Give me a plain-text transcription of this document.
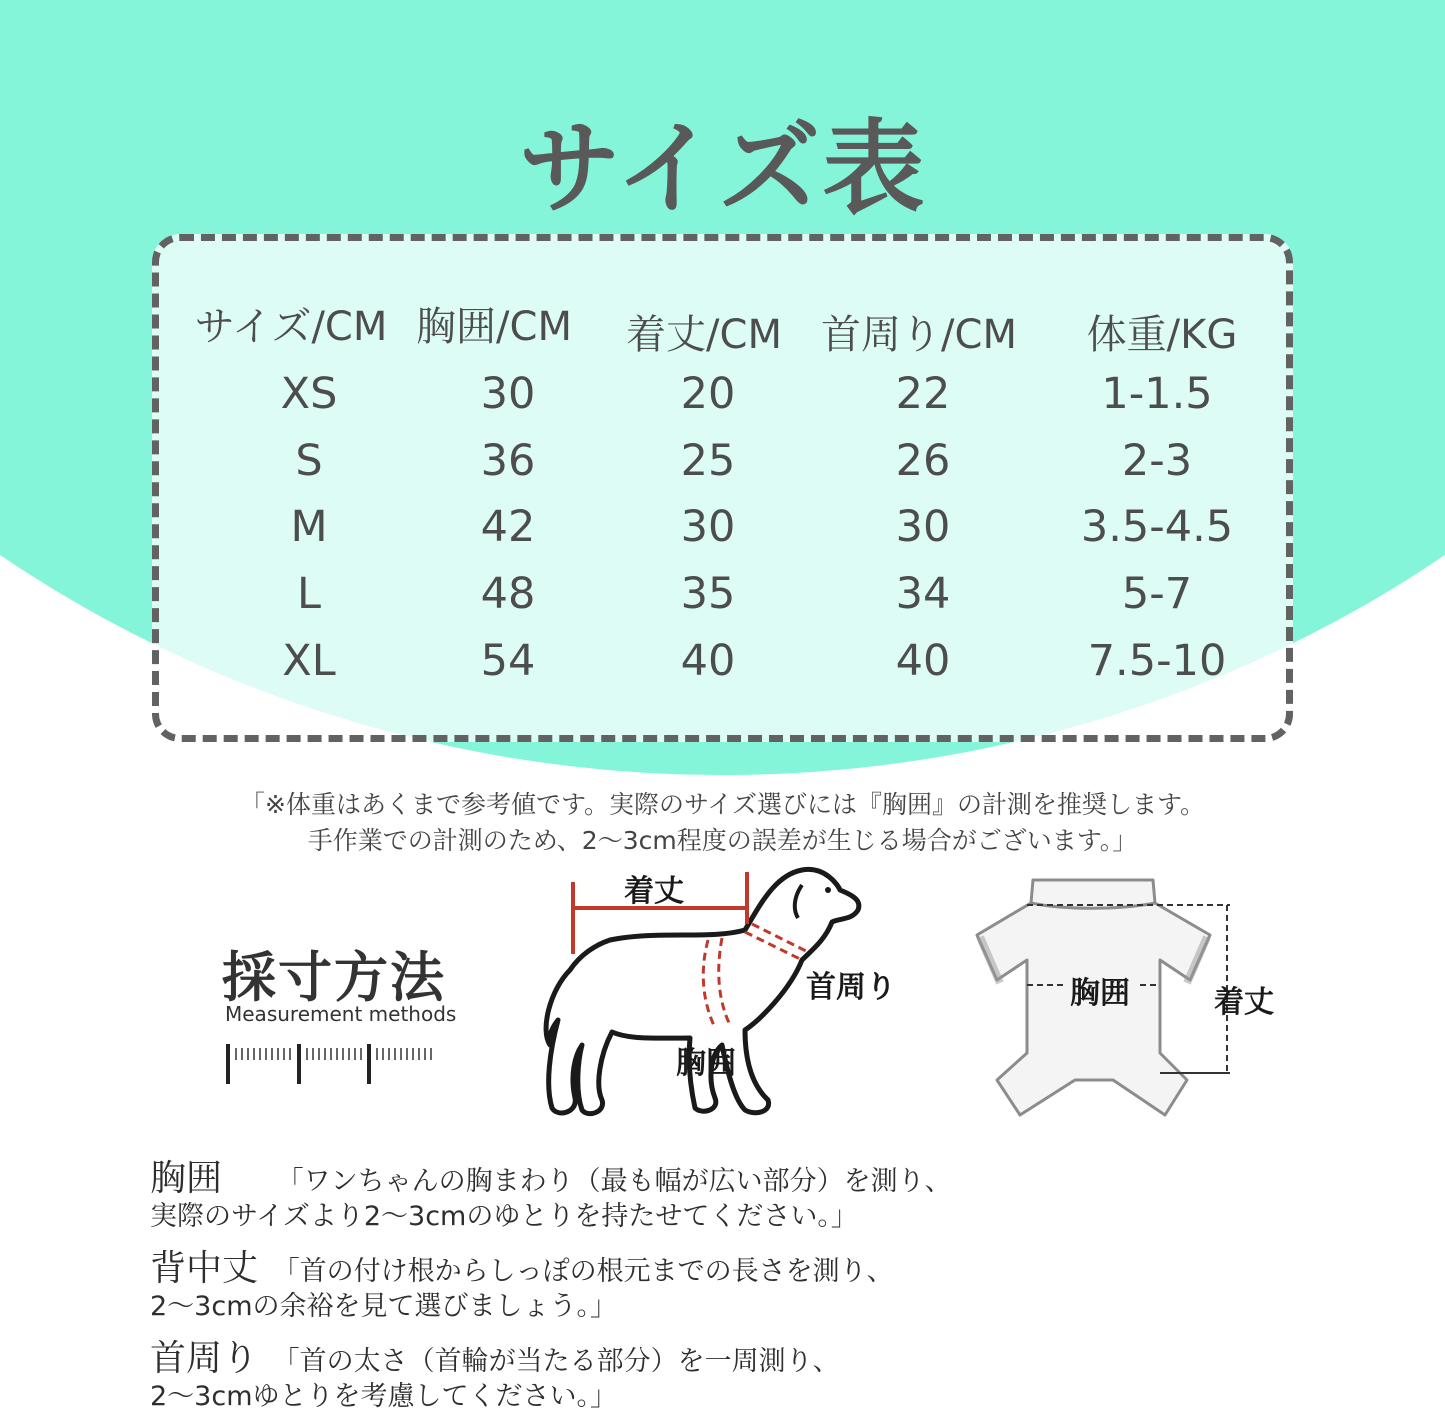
サイズ表
サイズ/CM 胸囲/CM 着丈/CM 首周り/CM 体重/KG
XS	30	20	22	1-1.5
S	36	25	26	2-3
M	42	30	30	3.5-4.5
L	48	35	34	5-7
XL	54	40	40	7.5-10
「※体重はあくまで参考値です。実際のサイズ選びには『胸囲』の計測を推奨します。
手作業での計測のため、2〜3cm程度の誤差が生じる場合がございます。」
採寸方法
Measurement methods
着丈
首周り
胸囲
胸囲	着丈
胸囲 「ワンちゃんの胸まわり（最も幅が広い部分）を測り、
実際のサイズより2〜3cmのゆとりを持たせてください。」
背中丈 「首の付け根からしっぽの根元までの長さを測り、
2〜3cmの余裕を見て選びましょう。」
首周り 「首の太さ（首輪が当たる部分）を一周測り、
2〜3cmゆとりを考慮してください。」
